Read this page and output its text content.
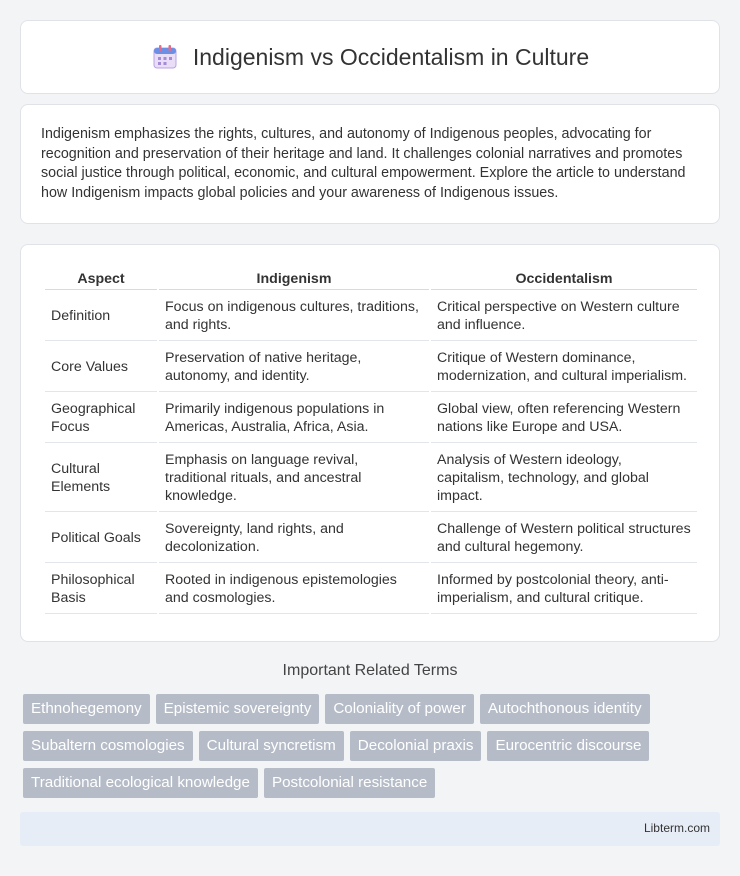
Indigenism vs Occidentalism in Culture

Indigenism emphasizes the rights, cultures, and autonomy of Indigenous peoples, advocating for recognition and preservation of their heritage and land. It challenges colonial narratives and promotes social justice through political, economic, and cultural empowerment. Explore the article to understand how Indigenism impacts global policies and your awareness of Indigenous issues.

Aspect	Indigenism	Occidentalism
Definition	Focus on indigenous cultures, traditions, and rights.	Critical perspective on Western culture and influence.
Core Values	Preservation of native heritage, autonomy, and identity.	Critique of Western dominance, modernization, and cultural imperialism.
Geographical Focus	Primarily indigenous populations in Americas, Australia, Africa, Asia.	Global view, often referencing Western nations like Europe and USA.
Cultural Elements	Emphasis on language revival, traditional rituals, and ancestral knowledge.	Analysis of Western ideology, capitalism, technology, and global impact.
Political Goals	Sovereignty, land rights, and decolonization.	Challenge of Western political structures and cultural hegemony.
Philosophical Basis	Rooted in indigenous epistemologies and cosmologies.	Informed by postcolonial theory, anti-imperialism, and cultural critique.
Important Related Terms
Ethnohegemony	Epistemic sovereignty	Coloniality of power	Autochthonous identity
Subaltern cosmologies	Cultural syncretism	Decolonial praxis	Eurocentric discourse
Traditional ecological knowledge	Postcolonial resistance
Libterm.com
